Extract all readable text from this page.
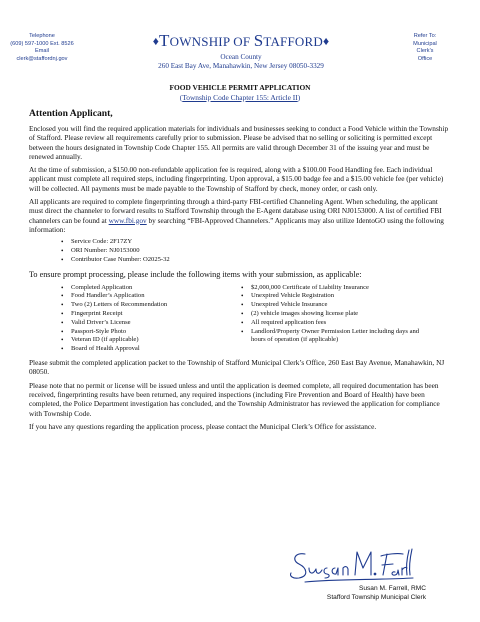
Telephone
(609) 597-1000 Ext. 8526
Email
clerk@staffordnj.gov
♦TOWNSHIP OF STAFFORD♦
Ocean County
260 East Bay Ave, Manahawkin, New Jersey 08050-3329
Refer To:
Municipal
Clerk's
Office
FOOD VEHICLE PERMIT APPLICATION
(Township Code Chapter 155: Article II)
Attention Applicant,

Enclosed you will find the required application materials for individuals and businesses seeking to conduct a Food Vehicle within the Township of Stafford. Please review all requirements carefully prior to submission. Please be advised that no selling or soliciting is permitted except between the hours designated in Township Code Chapter 155. All permits are valid through December 31 of the issuing year and must be renewed annually.

At the time of submission, a $150.00 non-refundable application fee is required, along with a $100.00 Food Handling fee. Each individual applicant must complete all required steps, including fingerprinting. Upon approval, a $15.00 badge fee and a $15.00 vehicle fee (per vehicle) will be collected. All payments must be made payable to the Township of Stafford by check, money order, or cash only.

All applicants are required to complete fingerprinting through a third-party FBI-certified Channeling Agent. When scheduling, the applicant must direct the channeler to forward results to Stafford Township through the E-Agent database using ORI NJ0153000. A list of certified FBI channelers can be found at www.fbi.gov by searching “FBI-Approved Channelers.” Applicants may also utilize IdentoGO using the following information:

• Service Code: 2F17ZY
• ORI Number: NJ0153000
• Contributor Case Number: O2025-32

To ensure prompt processing, please include the following items with your submission, as applicable:

• Completed Application
• Food Handler’s Application
• Two (2) Letters of Recommendation
• Fingerprint Receipt
• Valid Driver’s License
• Passport-Style Photo
• Veteran ID (if applicable)
• Board of Health Approval
• $2,000,000 Certificate of Liability Insurance
• Unexpired Vehicle Registration
• Unexpired Vehicle Insurance
• (2) vehicle images showing license plate
• All required application fees
• Landlord/Property Owner Permission Letter including days and hours of operation (if applicable)

Please submit the completed application packet to the Township of Stafford Municipal Clerk’s Office, 260 East Bay Avenue, Manahawkin, NJ 08050.

Please note that no permit or license will be issued unless and until the application is deemed complete, all required documentation has been received, fingerprinting results have been returned, any required inspections (including Fire Prevention and Board of Health) have been completed, the Police Department investigation has concluded, and the Township Administrator has reviewed the application for compliance with Township Code.

If you have any questions regarding the application process, please contact the Municipal Clerk’s Office for assistance.

Susan M. Farrell, RMC
Stafford Township Municipal Clerk
